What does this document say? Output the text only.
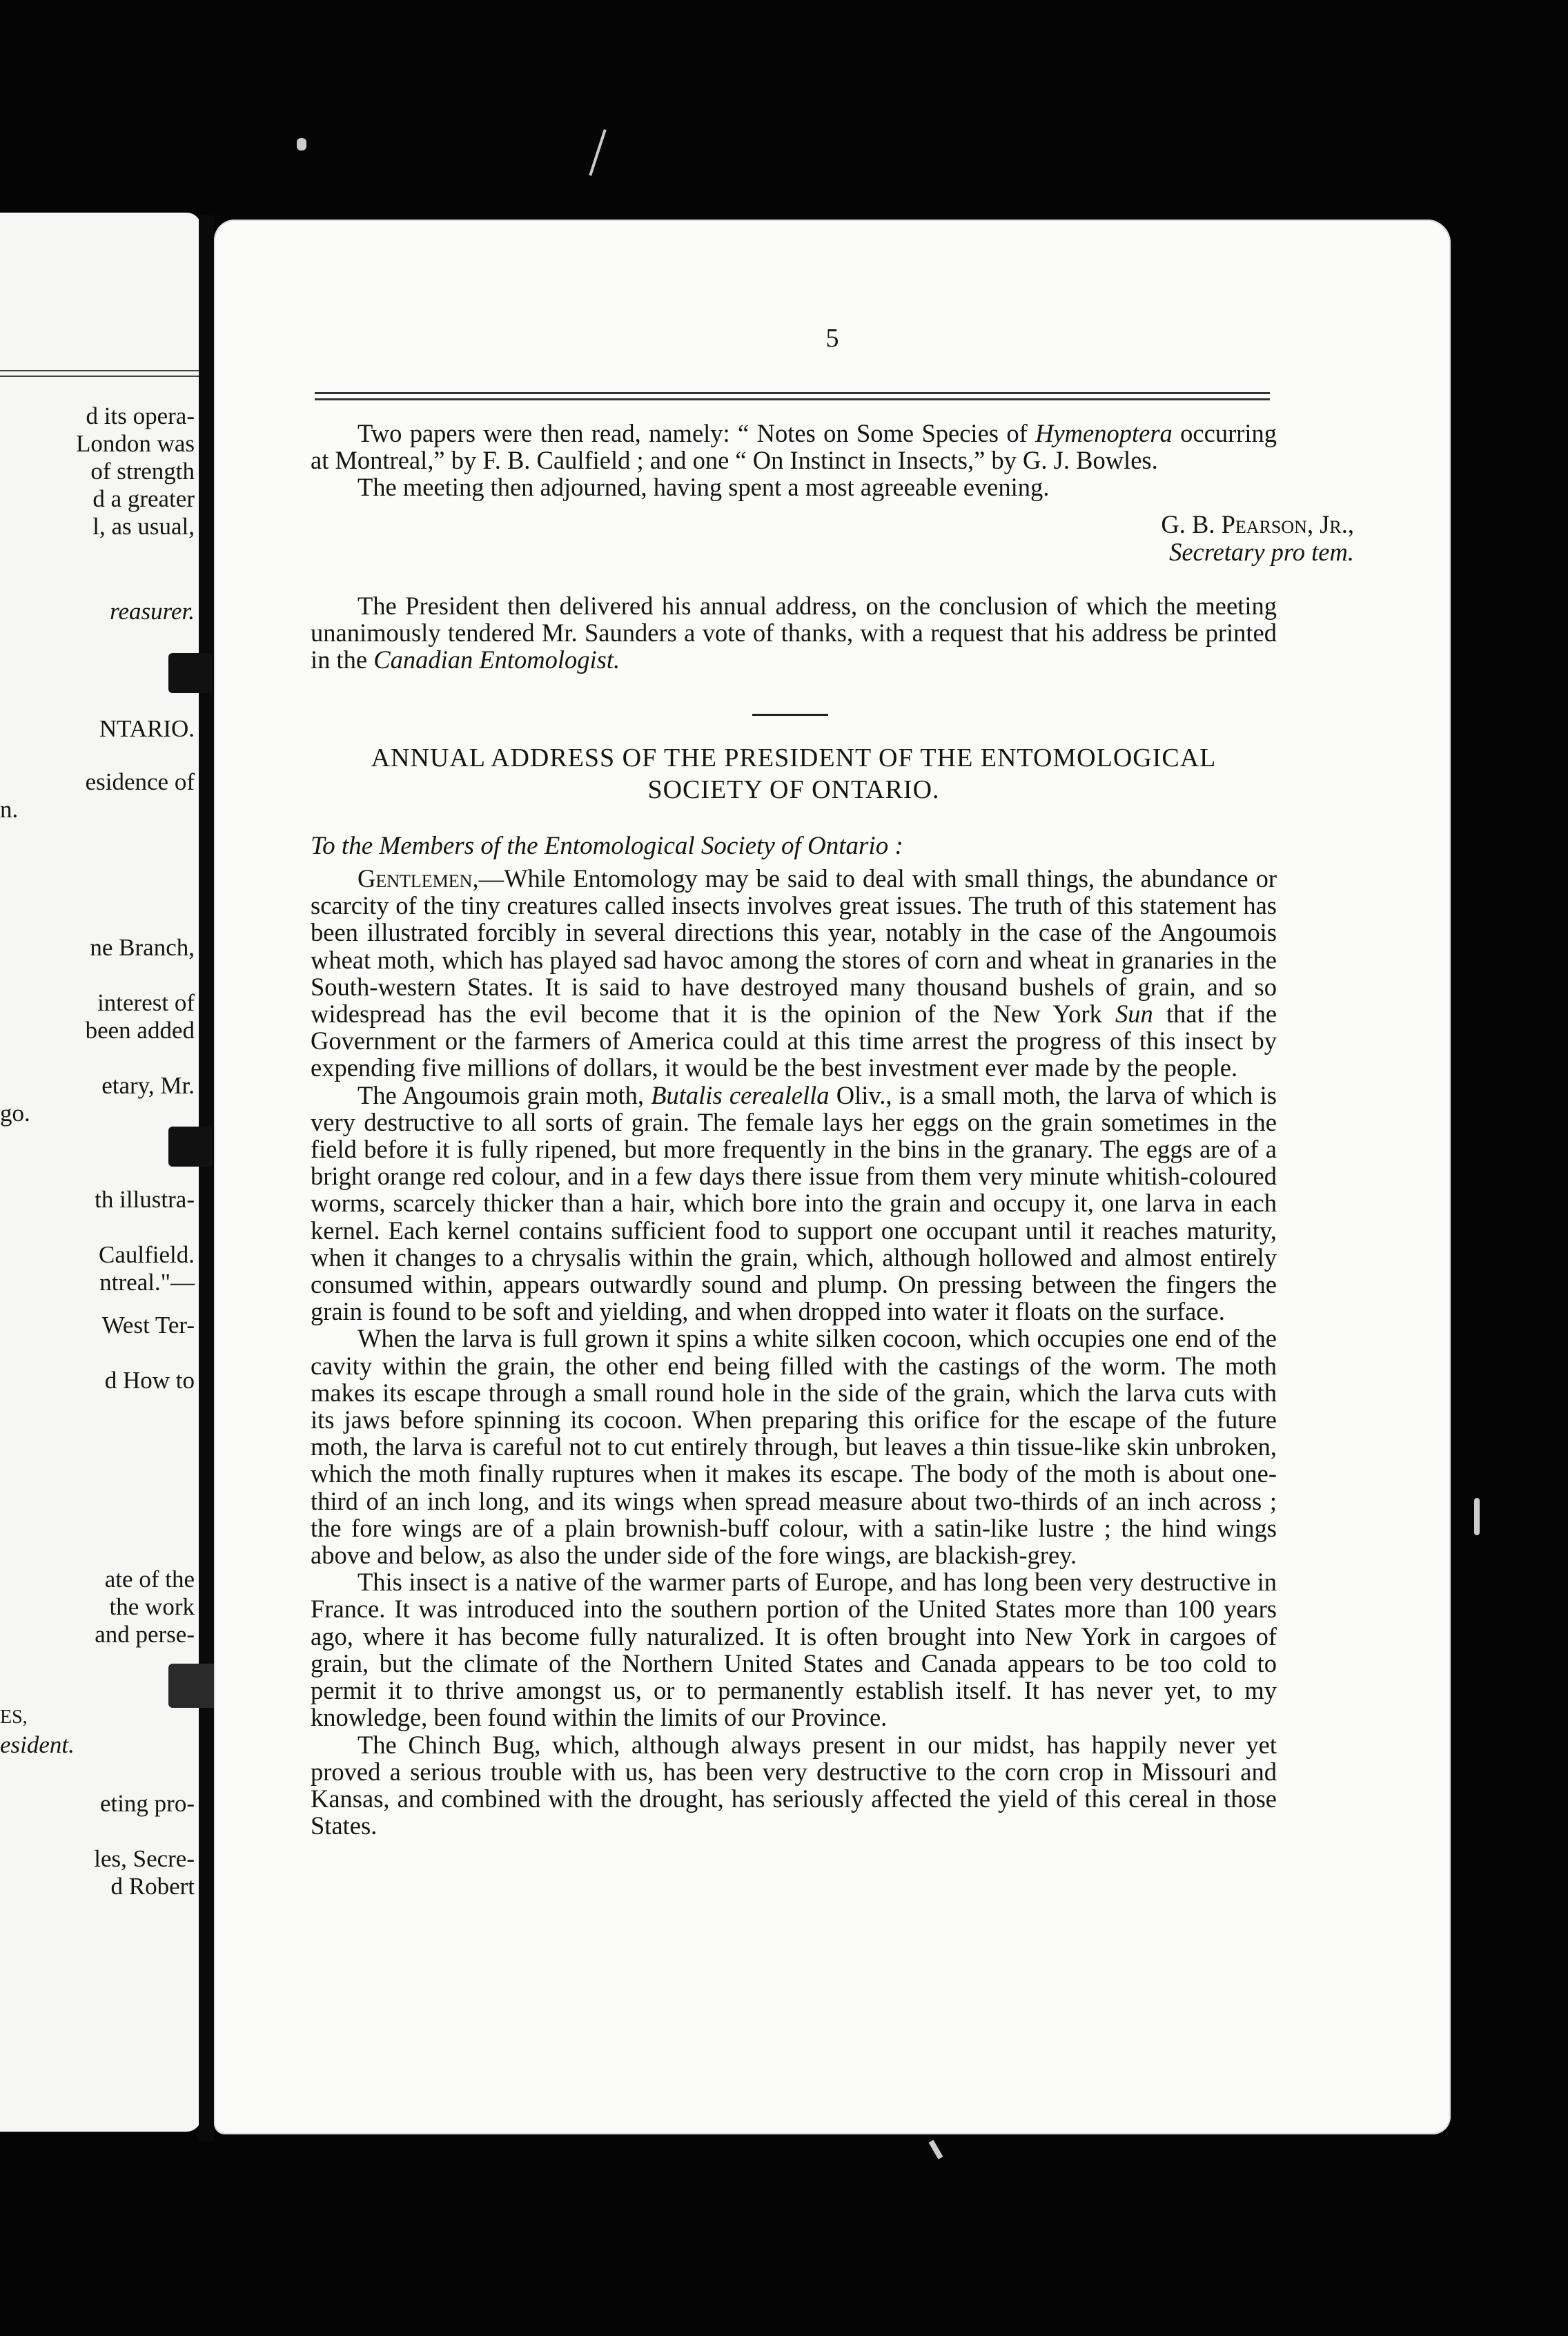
d its opera-
London was
of strength
d a greater
l, as usual,
reasurer.
NTARIO.
esidence of
n.
ne Branch,
interest of
been added
etary, Mr.
go.
th illustra-
Caulfield.
ntreal."—
West Ter-
d How to
ate of the
the work
and perse-
ES,
esident.
eting pro-
les, Secre-
d Robert
5

Two papers were then read, namely: “ Notes on Some Species of Hymenoptera occurring at Montreal,” by F. B. Caulfield ; and one “ On Instinct in Insects,” by G. J. Bowles.

The meeting then adjourned, having spent a most agreeable evening.

G. B. Pearson, Jr.,
Secretary pro tem.

The President then delivered his annual address, on the conclusion of which the meeting unanimously tendered Mr. Saunders a vote of thanks, with a request that his address be printed in the Canadian Entomologist.

ANNUAL ADDRESS OF THE PRESIDENT OF THE ENTOMOLOGICAL
SOCIETY OF ONTARIO.
To the Members of the Entomological Society of Ontario :

Gentlemen,—While Entomology may be said to deal with small things, the abundance or scarcity of the tiny creatures called insects involves great issues. The truth of this statement has been illustrated forcibly in several directions this year, notably in the case of the Angoumois wheat moth, which has played sad havoc among the stores of corn and wheat in granaries in the South-western States. It is said to have destroyed many thousand bushels of grain, and so widespread has the evil become that it is the opinion of the New York Sun that if the Government or the farmers of America could at this time arrest the progress of this insect by expending five millions of dollars, it would be the best investment ever made by the people.

The Angoumois grain moth, Butalis cerealella Oliv., is a small moth, the larva of which is very destructive to all sorts of grain. The female lays her eggs on the grain sometimes in the field before it is fully ripened, but more frequently in the bins in the granary. The eggs are of a bright orange red colour, and in a few days there issue from them very minute whitish-coloured worms, scarcely thicker than a hair, which bore into the grain and occupy it, one larva in each kernel. Each kernel contains sufficient food to support one occupant until it reaches maturity, when it changes to a chrysalis within the grain, which, although hollowed and almost entirely consumed within, appears outwardly sound and plump. On pressing between the fingers the grain is found to be soft and yielding, and when dropped into water it floats on the surface.

When the larva is full grown it spins a white silken cocoon, which occupies one end of the cavity within the grain, the other end being filled with the castings of the worm. The moth makes its escape through a small round hole in the side of the grain, which the larva cuts with its jaws before spinning its cocoon. When preparing this orifice for the escape of the future moth, the larva is careful not to cut entirely through, but leaves a thin tissue-like skin unbroken, which the moth finally ruptures when it makes its escape. The body of the moth is about one-third of an inch long, and its wings when spread measure about two-thirds of an inch across ; the fore wings are of a plain brownish-buff colour, with a satin-like lustre ; the hind wings above and below, as also the under side of the fore wings, are blackish-grey.

This insect is a native of the warmer parts of Europe, and has long been very destructive in France. It was introduced into the southern portion of the United States more than 100 years ago, where it has become fully naturalized. It is often brought into New York in cargoes of grain, but the climate of the Northern United States and Canada appears to be too cold to permit it to thrive amongst us, or to permanently establish itself. It has never yet, to my knowledge, been found within the limits of our Province.

The Chinch Bug, which, although always present in our midst, has happily never yet proved a serious trouble with us, has been very destructive to the corn crop in Missouri and Kansas, and combined with the drought, has seriously affected the yield of this cereal in those States.
